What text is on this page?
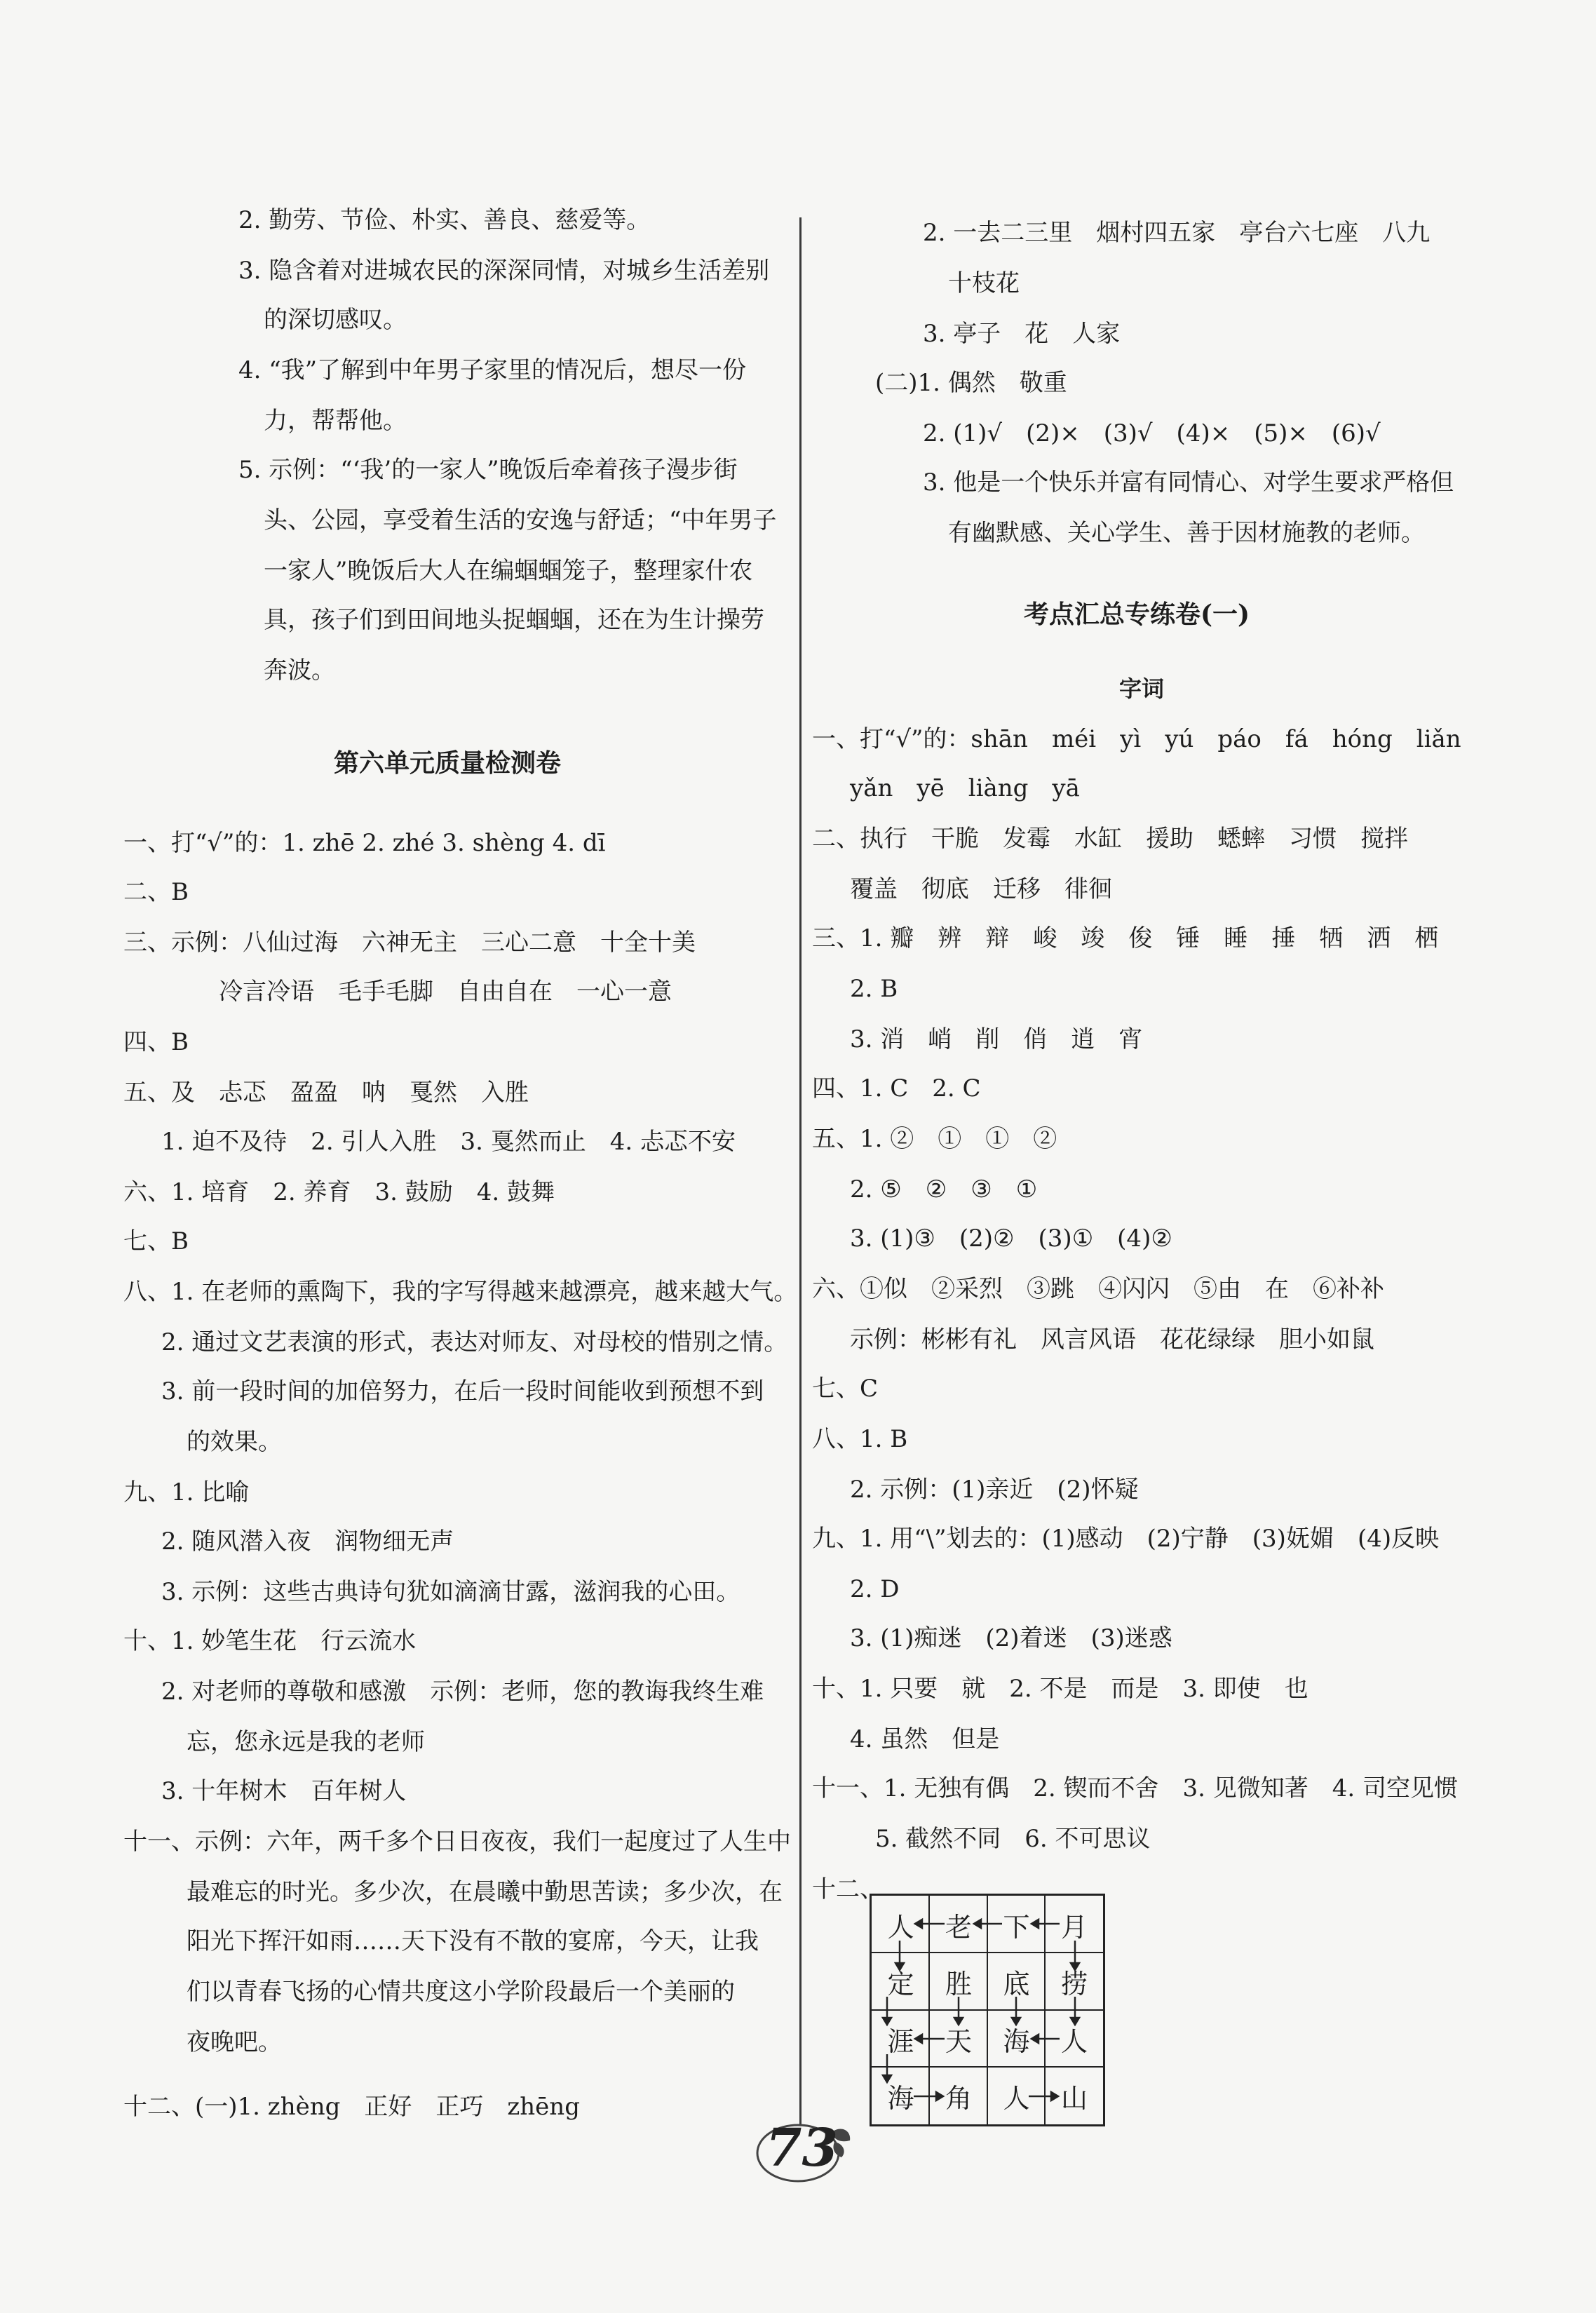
2. 勤劳、节俭、朴实、善良、慈爱等。
3. 隐含着对进城农民的深深同情，对城乡生活差别
的深切感叹。
4. “我”了解到中年男子家里的情况后，想尽一份
力，帮帮他。
5. 示例：“‘我’的一家人”晚饭后牵着孩子漫步街
头、公园，享受着生活的安逸与舒适；“中年男子
一家人”晚饭后大人在编蝈蝈笼子，整理家什农
具，孩子们到田间地头捉蝈蝈，还在为生计操劳
奔波。
第六单元质量检测卷
一、打“√”的：1. zhē 2. zhé 3. shèng 4. dī
二、B
三、示例：八仙过海　六神无主　三心二意　十全十美
冷言冷语　毛手毛脚　自由自在　一心一意
四、B
五、及　忐忑　盈盈　呐　戛然　入胜
1. 迫不及待　2. 引人入胜　3. 戛然而止　4. 忐忑不安
六、1. 培育　2. 养育　3. 鼓励　4. 鼓舞
七、B
八、1. 在老师的熏陶下，我的字写得越来越漂亮，越来越大气。
2. 通过文艺表演的形式，表达对师友、对母校的惜别之情。
3. 前一段时间的加倍努力，在后一段时间能收到预想不到
的效果。
九、1. 比喻
2. 随风潜入夜　润物细无声
3. 示例：这些古典诗句犹如滴滴甘露，滋润我的心田。
十、1. 妙笔生花　行云流水
2. 对老师的尊敬和感激　示例：老师，您的教诲我终生难
忘，您永远是我的老师
3. 十年树木　百年树人
十一、示例：六年，两千多个日日夜夜，我们一起度过了人生中
最难忘的时光。多少次，在晨曦中勤思苦读；多少次，在
阳光下挥汗如雨……天下没有不散的宴席，今天，让我
们以青春飞扬的心情共度这小学阶段最后一个美丽的
夜晚吧。
十二、(一)1. zhèng　正好　正巧　zhēng
2. 一去二三里　烟村四五家　亭台六七座　八九
十枝花
3. 亭子　花　人家
(二)1. 偶然　敬重
2. (1)√　(2)×　(3)√　(4)×　(5)×　(6)√
3. 他是一个快乐并富有同情心、对学生要求严格但
有幽默感、关心学生、善于因材施教的老师。
考点汇总专练卷(一)
字词
一、打“√”的：shān　méi　yì　yú　páo　fá　hóng　liǎn
yǎn　yē　liàng　yā
二、执行　干脆　发霉　水缸　援助　蟋蟀　习惯　搅拌
覆盖　彻底　迁移　徘徊
三、1. 瓣　辨　辩　峻　竣　俊　锤　睡　捶　牺　洒　栖
2. B
3. 消　峭　削　俏　逍　宵
四、1. C　2. C
五、1. ②　①　①　②
2. ⑤　②　③　①
3. (1)③　(2)②　(3)①　(4)②
六、①似　②采烈　③跳　④闪闪　⑤由　在　⑥补补
示例：彬彬有礼　风言风语　花花绿绿　胆小如鼠
七、C
八、1. B
2. 示例：(1)亲近　(2)怀疑
九、1. 用“\”划去的：(1)感动　(2)宁静　(3)妩媚　(4)反映
2. D
3. (1)痴迷　(2)着迷　(3)迷惑
十、1. 只要　就　2. 不是　而是　3. 即使　也
4. 虽然　但是
十一、1. 无独有偶　2. 锲而不舍　3. 见微知著　4. 司空见惯
5. 截然不同　6. 不可思议
十二、
人	老	下	月
定	胜	底	捞
涯	天	海	人
海	角	人	山
73
